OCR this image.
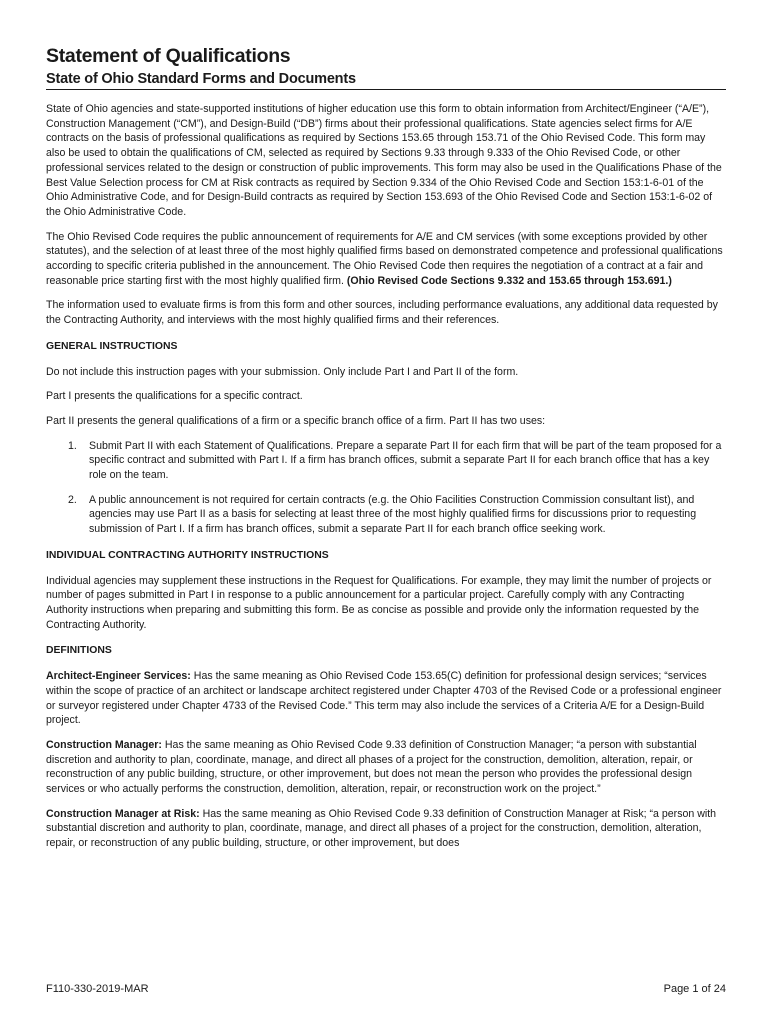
Statement of Qualifications
State of Ohio Standard Forms and Documents

State of Ohio agencies and state-supported institutions of higher education use this form to obtain information from Architect/Engineer (“A/E”), Construction Management (“CM”), and Design-Build (“DB”) firms about their professional qualifications. State agencies select firms for A/E contracts on the basis of professional qualifications as required by Sections 153.65 through 153.71 of the Ohio Revised Code. This form may also be used to obtain the qualifications of CM, selected as required by Sections 9.33 through 9.333 of the Ohio Revised Code, or other professional services related to the design or construction of public improvements. This form may also be used in the Qualifications Phase of the Best Value Selection process for CM at Risk contracts as required by Section 9.334 of the Ohio Revised Code and Section 153:1-6-01 of the Ohio Administrative Code, and for Design-Build contracts as required by Section 153.693 of the Ohio Revised Code and Section 153:1-6-02 of the Ohio Administrative Code.

The Ohio Revised Code requires the public announcement of requirements for A/E and CM services (with some exceptions provided by other statutes), and the selection of at least three of the most highly qualified firms based on demonstrated competence and professional qualifications according to specific criteria published in the announcement. The Ohio Revised Code then requires the negotiation of a contract at a fair and reasonable price starting first with the most highly qualified firm. (Ohio Revised Code Sections 9.332 and 153.65 through 153.691.)

The information used to evaluate firms is from this form and other sources, including performance evaluations, any additional data requested by the Contracting Authority, and interviews with the most highly qualified firms and their references.

GENERAL INSTRUCTIONS

Do not include this instruction pages with your submission. Only include Part I and Part II of the form.

Part I presents the qualifications for a specific contract.

Part II presents the general qualifications of a firm or a specific branch office of a firm. Part II has two uses:

1.	Submit Part II with each Statement of Qualifications. Prepare a separate Part II for each firm that will be part of the team proposed for a specific contract and submitted with Part I. If a firm has branch offices, submit a separate Part II for each branch office that has a key role on the team.
2.	A public announcement is not required for certain contracts (e.g. the Ohio Facilities Construction Commission consultant list), and agencies may use Part II as a basis for selecting at least three of the most highly qualified firms for discussions prior to requesting submission of Part I. If a firm has branch offices, submit a separate Part II for each branch office seeking work.

INDIVIDUAL CONTRACTING AUTHORITY INSTRUCTIONS

Individual agencies may supplement these instructions in the Request for Qualifications. For example, they may limit the number of projects or number of pages submitted in Part I in response to a public announcement for a particular project. Carefully comply with any Contracting Authority instructions when preparing and submitting this form. Be as concise as possible and provide only the information requested by the Contracting Authority.

DEFINITIONS

Architect-Engineer Services: Has the same meaning as Ohio Revised Code 153.65(C) definition for professional design services; “services within the scope of practice of an architect or landscape architect registered under Chapter 4703 of the Revised Code or a professional engineer or surveyor registered under Chapter 4733 of the Revised Code.” This term may also include the services of a Criteria A/E for a Design-Build project.

Construction Manager: Has the same meaning as Ohio Revised Code 9.33 definition of Construction Manager; “a person with substantial discretion and authority to plan, coordinate, manage, and direct all phases of a project for the construction, demolition, alteration, repair, or reconstruction of any public building, structure, or other improvement, but does not mean the person who provides the professional design services or who actually performs the construction, demolition, alteration, repair, or reconstruction work on the project.”

Construction Manager at Risk: Has the same meaning as Ohio Revised Code 9.33 definition of Construction Manager at Risk; “a person with substantial discretion and authority to plan, coordinate, manage, and direct all phases of a project for the construction, demolition, alteration, repair, or reconstruction of any public building, structure, or other improvement, but does

F110-330-2019-MAR	Page 1 of 24
